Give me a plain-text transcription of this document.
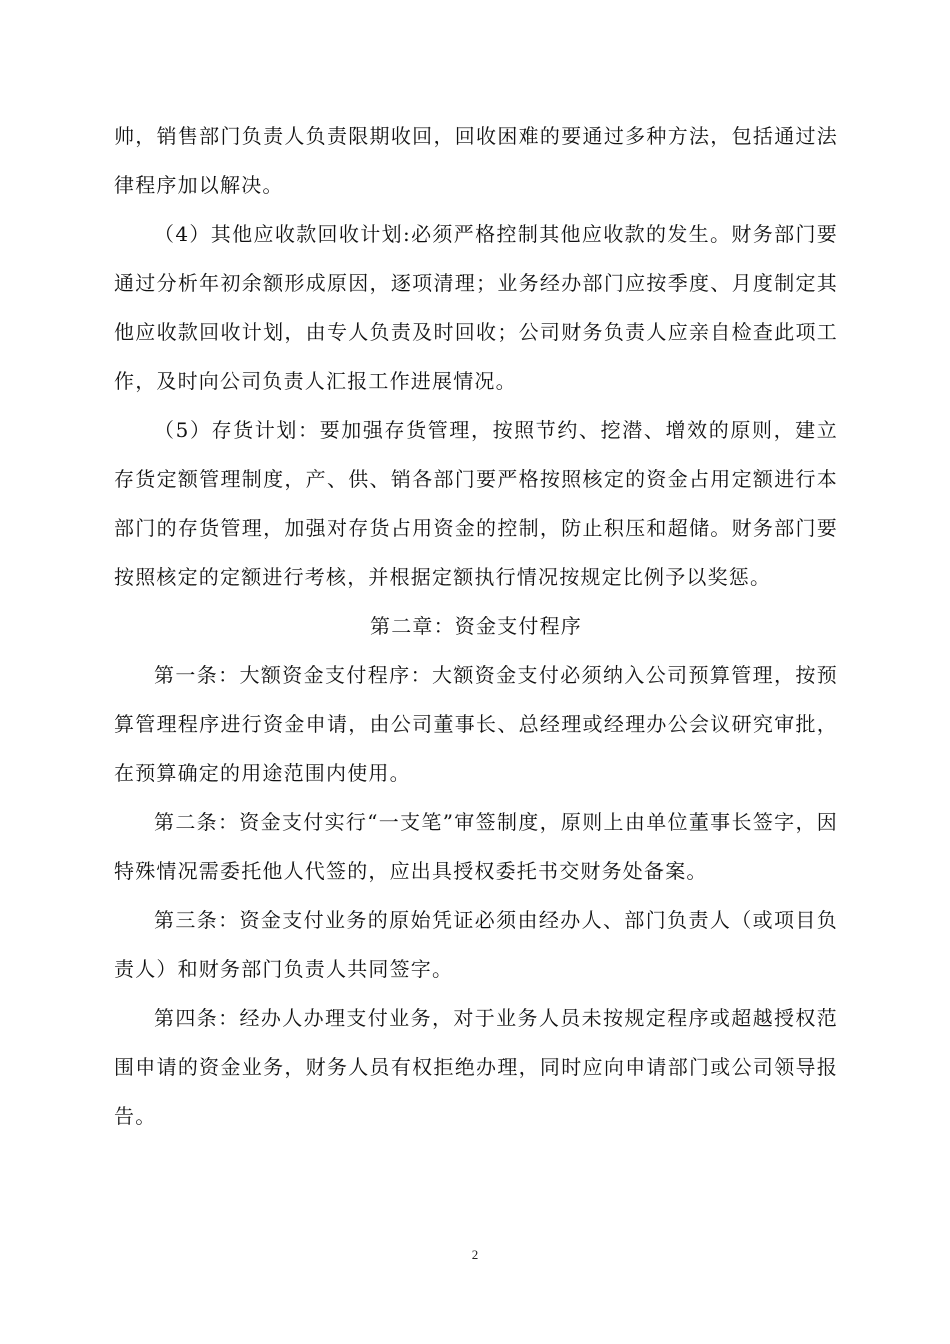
帅，销售部门负责人负责限期收回，回收困难的要通过多种方法，包括通过法律程序加以解决。

（4）其他应收款回收计划:必须严格控制其他应收款的发生。财务部门要通过分析年初余额形成原因，逐项清理；业务经办部门应按季度、月度制定其他应收款回收计划，由专人负责及时回收；公司财务负责人应亲自检查此项工作，及时向公司负责人汇报工作进展情况。

（5）存货计划：要加强存货管理，按照节约、挖潜、增效的原则，建立存货定额管理制度，产、供、销各部门要严格按照核定的资金占用定额进行本部门的存货管理，加强对存货占用资金的控制，防止积压和超储。财务部门要按照核定的定额进行考核，并根据定额执行情况按规定比例予以奖惩。

第二章：资金支付程序

第一条：大额资金支付程序：大额资金支付必须纳入公司预算管理，按预算管理程序进行资金申请，由公司董事长、总经理或经理办公会议研究审批，在预算确定的用途范围内使用。

第二条：资金支付实行“一支笔”审签制度，原则上由单位董事长签字，因特殊情况需委托他人代签的，应出具授权委托书交财务处备案。

第三条：资金支付业务的原始凭证必须由经办人、部门负责人（或项目负责人）和财务部门负责人共同签字。

第四条：经办人办理支付业务，对于业务人员未按规定程序或超越授权范围申请的资金业务，财务人员有权拒绝办理，同时应向申请部门或公司领导报告。

2
